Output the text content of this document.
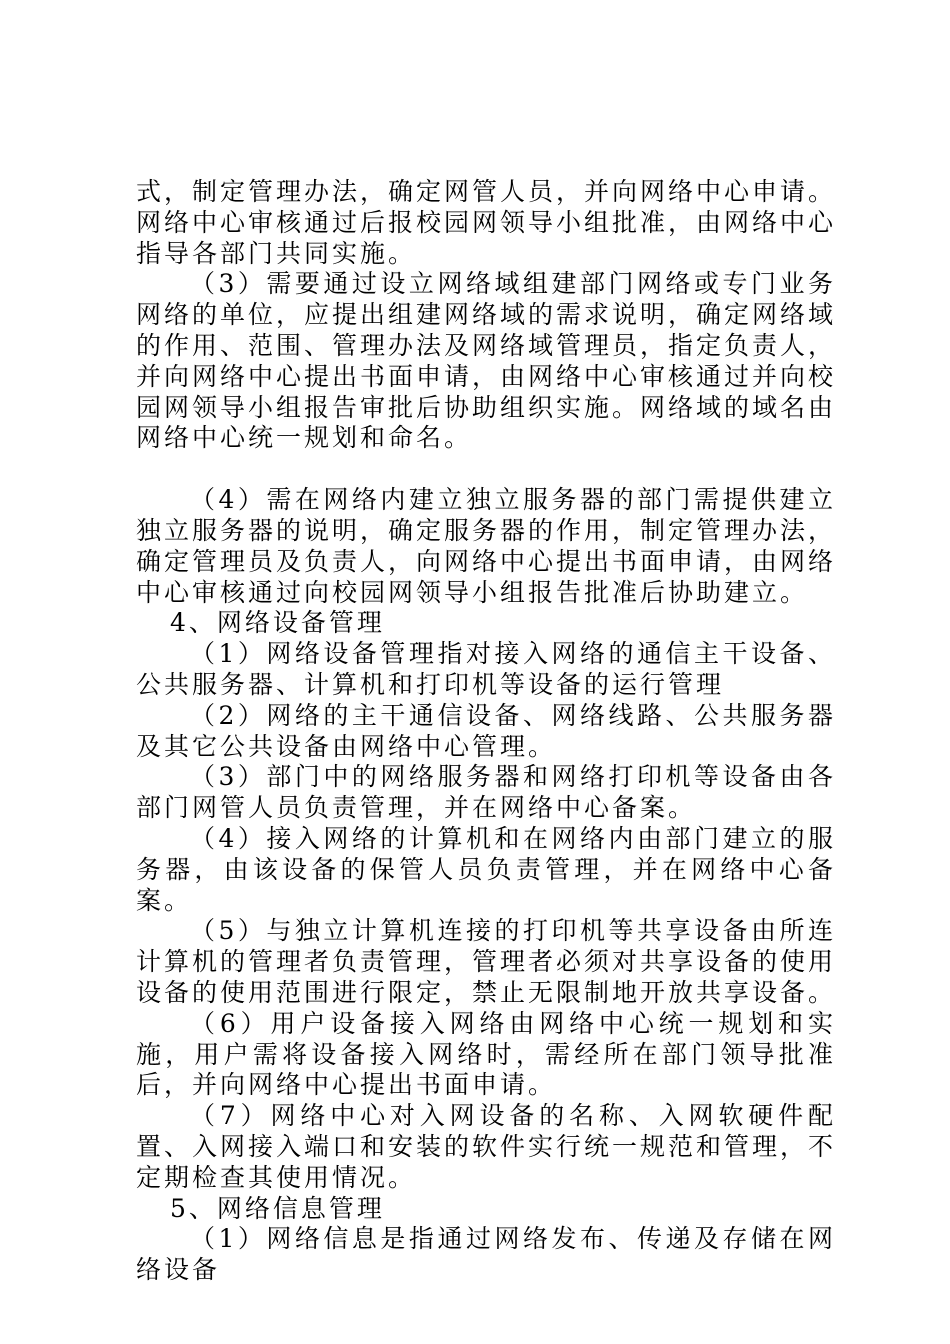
式，制定管理办法，确定网管人员，并向网络中心申请。网络中心审核通过后报校园网领导小组批准，由网络中心指导各部门共同实施。

（3）需要通过设立网络域组建部门网络或专门业务网络的单位，应提出组建网络域的需求说明，确定网络域的作用、范围、管理办法及网络域管理员，指定负责人，并向网络中心提出书面申请，由网络中心审核通过并向校园网领导小组报告审批后协助组织实施。网络域的域名由网络中心统一规划和命名。

（4）需在网络内建立独立服务器的部门需提供建立独立服务器的说明，确定服务器的作用，制定管理办法，确定管理员及负责人，向网络中心提出书面申请，由网络中心审核通过向校园网领导小组报告批准后协助建立。

4、网络设备管理

（1）网络设备管理指对接入网络的通信主干设备、公共服务器、计算机和打印机等设备的运行管理

（2）网络的主干通信设备、网络线路、公共服务器及其它公共设备由网络中心管理。

（3）部门中的网络服务器和网络打印机等设备由各部门网管人员负责管理，并在网络中心备案。

（4）接入网络的计算机和在网络内由部门建立的服务器，由该设备的保管人员负责管理，并在网络中心备案。

（5）与独立计算机连接的打印机等共享设备由所连计算机的管理者负责管理，管理者必须对共享设备的使用设备的使用范围进行限定，禁止无限制地开放共享设备。

（6）用户设备接入网络由网络中心统一规划和实施，用户需将设备接入网络时，需经所在部门领导批准后，并向网络中心提出书面申请。

（7）网络中心对入网设备的名称、入网软硬件配置、入网接入端口和安装的软件实行统一规范和管理，不定期检查其使用情况。

5、网络信息管理

（1）网络信息是指通过网络发布、传递及存储在网络设备
